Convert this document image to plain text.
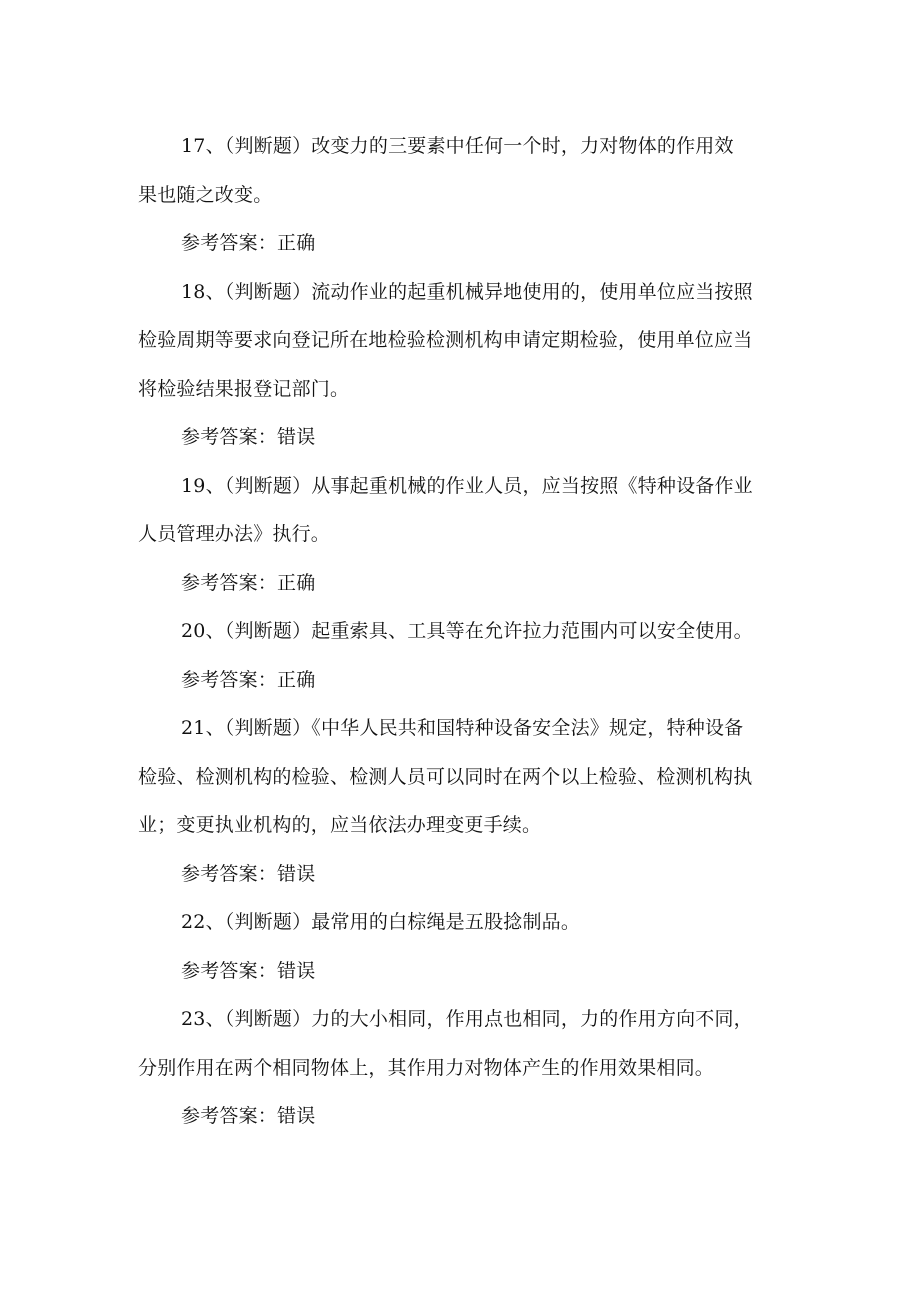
17、（判断题）改变力的三要素中任何一个时，力对物体的作用效
果也随之改变。

参考答案：正确

18、（判断题）流动作业的起重机械异地使用的，使用单位应当按照
检验周期等要求向登记所在地检验检测机构申请定期检验，使用单位应当
将检验结果报登记部门。

参考答案：错误

19、（判断题）从事起重机械的作业人员，应当按照《特种设备作业
人员管理办法》执行。

参考答案：正确

20、（判断题）起重索具、工具等在允许拉力范围内可以安全使用。

参考答案：正确

21、（判断题）《中华人民共和国特种设备安全法》规定，特种设备
检验、检测机构的检验、检测人员可以同时在两个以上检验、检测机构执
业；变更执业机构的，应当依法办理变更手续。

参考答案：错误

22、（判断题）最常用的白棕绳是五股捻制品。

参考答案：错误

23、（判断题）力的大小相同，作用点也相同，力的作用方向不同，
分别作用在两个相同物体上，其作用力对物体产生的作用效果相同。

参考答案：错误
